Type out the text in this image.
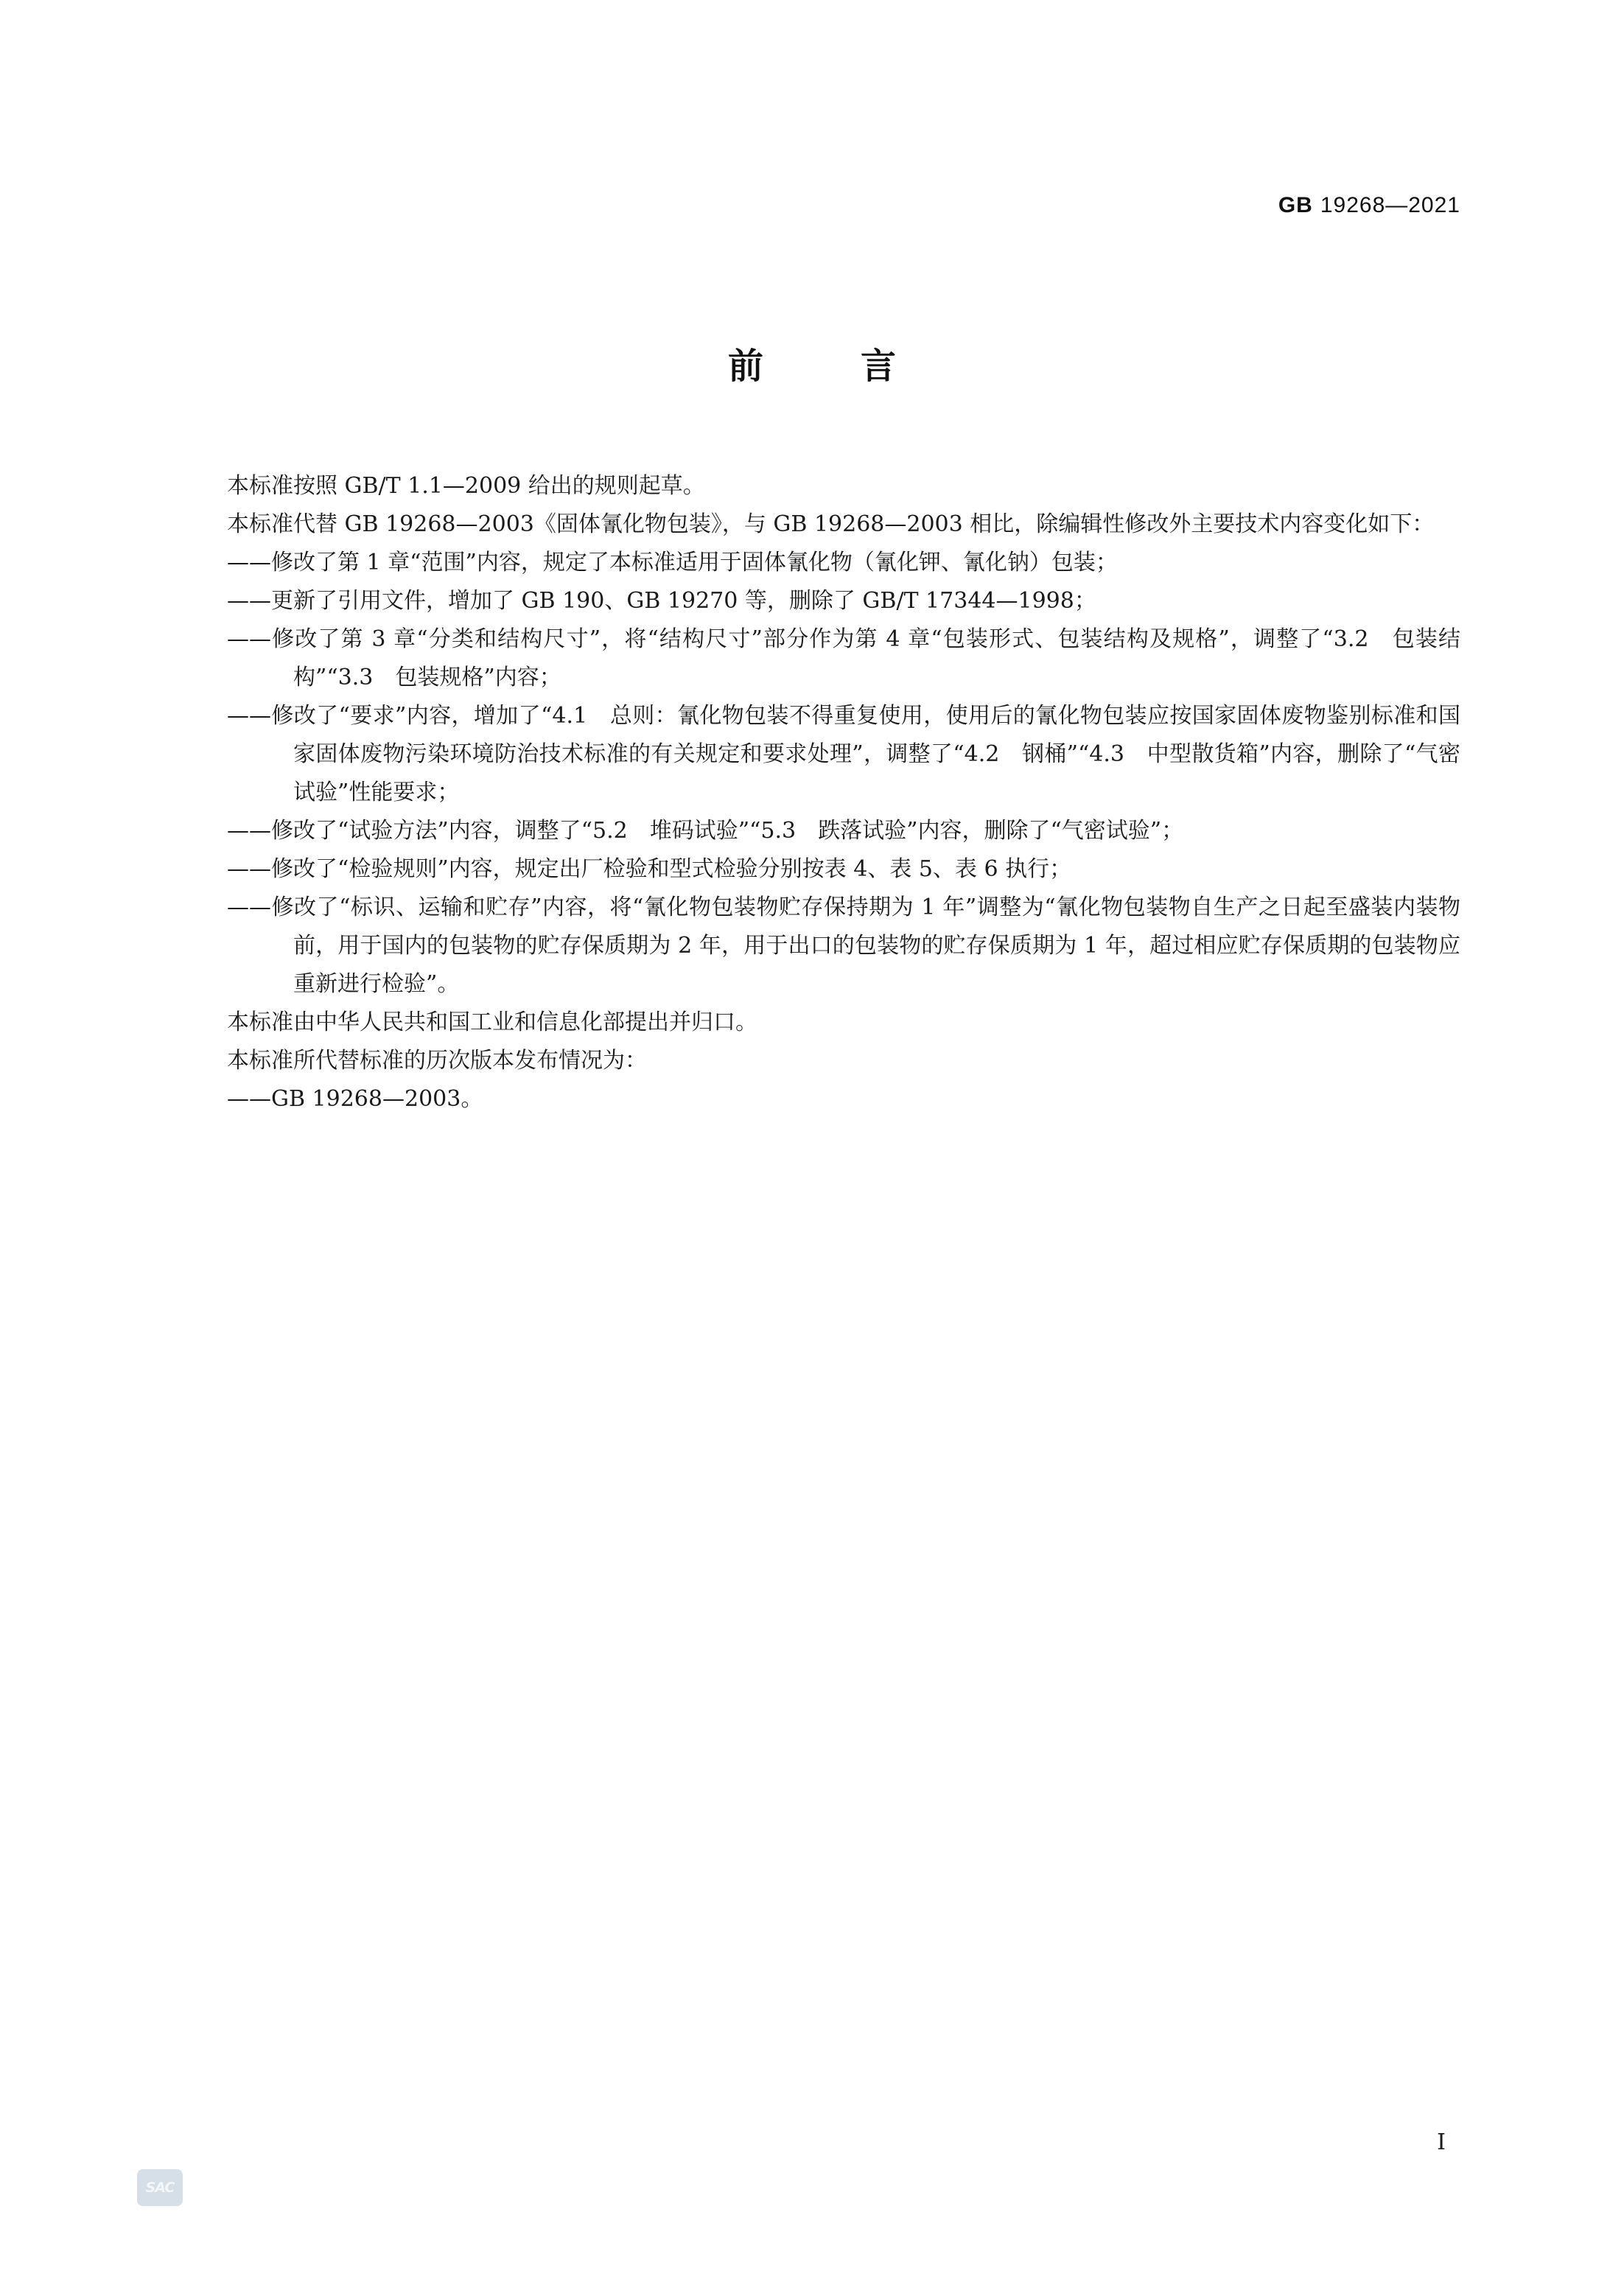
GB 19268—2021
前言

本标准按照 GB/T 1.1—2009 给出的规则起草。

本标准代替 GB 19268—2003《固体氰化物包装》，与 GB 19268—2003 相比，除编辑性修改外主要技术内容变化如下：

——修改了第 1 章“范围”内容，规定了本标准适用于固体氰化物（氰化钾、氰化钠）包装；

——更新了引用文件，增加了 GB 190、GB 19270 等，删除了 GB/T 17344—1998；

——修改了第 3 章“分类和结构尺寸”，将“结构尺寸”部分作为第 4 章“包装形式、包装结构及规格”，调整了“3.2　包装结构”“3.3　包装规格”内容；

——修改了“要求”内容，增加了“4.1　总则：氰化物包装不得重复使用，使用后的氰化物包装应按国家固体废物鉴别标准和国家固体废物污染环境防治技术标准的有关规定和要求处理”，调整了“4.2　钢桶”“4.3　中型散货箱”内容，删除了“气密试验”性能要求；

——修改了“试验方法”内容，调整了“5.2　堆码试验”“5.3　跌落试验”内容，删除了“气密试验”；

——修改了“检验规则”内容，规定出厂检验和型式检验分别按表 4、表 5、表 6 执行；

——修改了“标识、运输和贮存”内容，将“氰化物包装物贮存保持期为 1 年”调整为“氰化物包装物自生产之日起至盛装内装物前，用于国内的包装物的贮存保质期为 2 年，用于出口的包装物的贮存保质期为 1 年，超过相应贮存保质期的包装物应重新进行检验”。

本标准由中华人民共和国工业和信息化部提出并归口。

本标准所代替标准的历次版本发布情况为：

——GB 19268—2003。

I
SAC
